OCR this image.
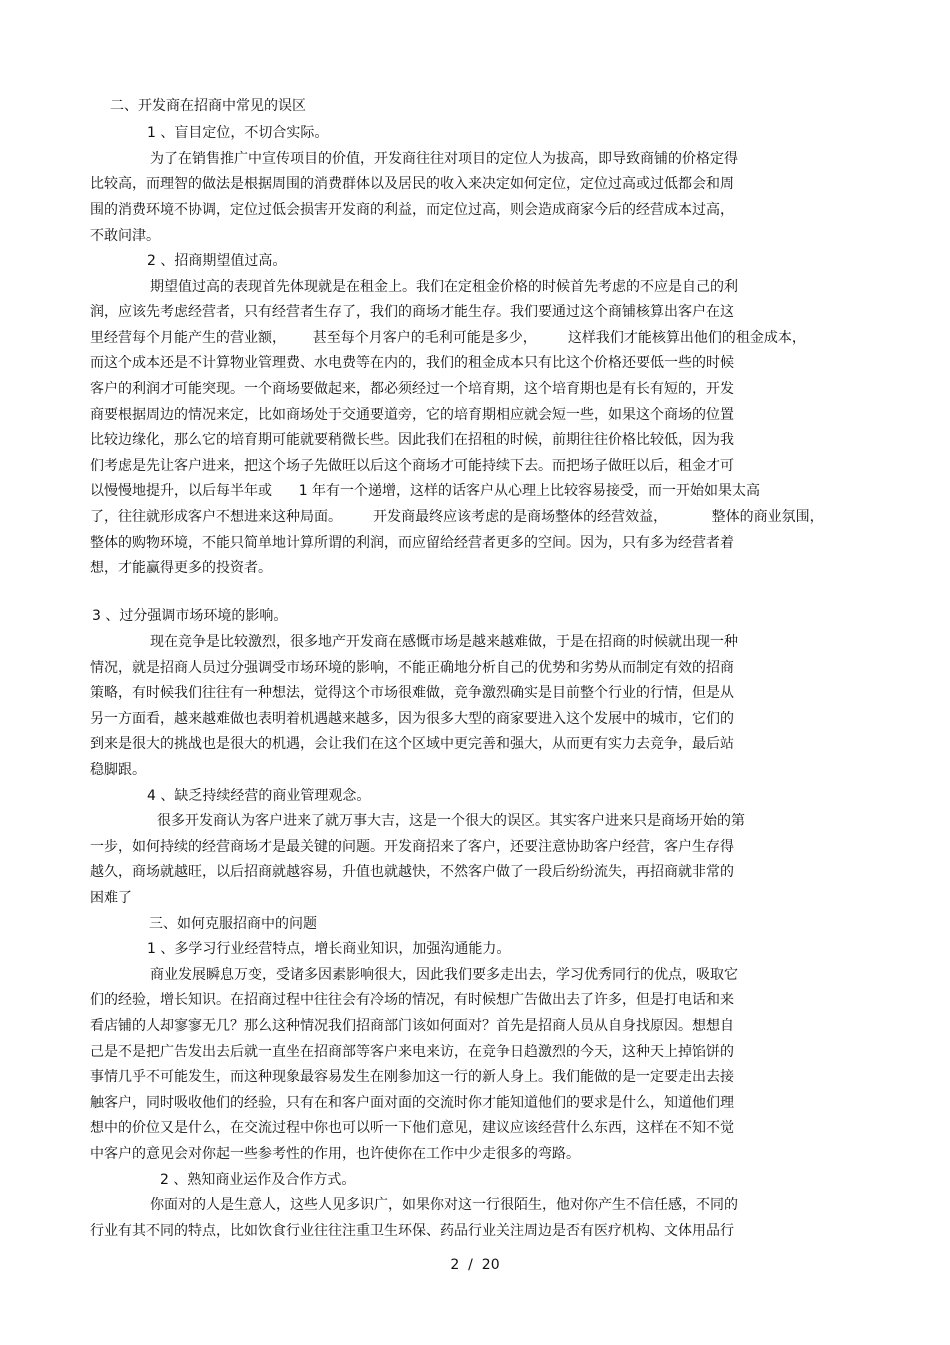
二、开发商在招商中常见的误区
1 、盲目定位，不切合实际。
为了在销售推广中宣传项目的价值，开发商往往对项目的定位人为拔高，即导致商铺的价格定得
比较高，而理智的做法是根据周围的消费群体以及居民的收入来决定如何定位，定位过高或过低都会和周
围的消费环境不协调，定位过低会损害开发商的利益，而定位过高，则会造成商家今后的经营成本过高，
不敢问津。
2 、招商期望值过高。
期望值过高的表现首先体现就是在租金上。我们在定租金价格的时候首先考虑的不应是自己的利
润，应该先考虑经营者，只有经营者生存了，我们的商场才能生存。我们要通过这个商铺核算出客户在这
里经营每个月能产生的营业额，      甚至每个月客户的毛利可能是多少，       这样我们才能核算出他们的租金成本，
而这个成本还是不计算物业管理费、水电费等在内的，我们的租金成本只有比这个价格还要低一些的时候
客户的利润才可能突现。一个商场要做起来，都必须经过一个培育期，这个培育期也是有长有短的，开发
商要根据周边的情况来定，比如商场处于交通要道旁，它的培育期相应就会短一些，如果这个商场的位置
比较边缘化，那么它的培育期可能就要稍微长些。因此我们在招租的时候，前期往往价格比较低，因为我
们考虑是先让客户进来，把这个场子先做旺以后这个商场才可能持续下去。而把场子做旺以后，租金才可
以慢慢地提升，以后每半年或      1 年有一个递增，这样的话客户从心理上比较容易接受，而一开始如果太高
了，往往就形成客户不想进来这种局面。       开发商最终应该考虑的是商场整体的经营效益，          整体的商业氛围，
整体的购物环境，不能只简单地计算所谓的利润，而应留给经营者更多的空间。因为，只有多为经营者着
想，才能赢得更多的投资者。
3 、过分强调市场环境的影响。
现在竞争是比较激烈，很多地产开发商在感慨市场是越来越难做，于是在招商的时候就出现一种
情况，就是招商人员过分强调受市场环境的影响，不能正确地分析自己的优势和劣势从而制定有效的招商
策略，有时候我们往往有一种想法，觉得这个市场很难做，竞争激烈确实是目前整个行业的行情，但是从
另一方面看，越来越难做也表明着机遇越来越多，因为很多大型的商家要进入这个发展中的城市，它们的
到来是很大的挑战也是很大的机遇，会让我们在这个区域中更完善和强大，从而更有实力去竞争，最后站
稳脚跟。
4 、缺乏持续经营的商业管理观念。
很多开发商认为客户进来了就万事大吉，这是一个很大的误区。其实客户进来只是商场开始的第
一步，如何持续的经营商场才是最关键的问题。开发商招来了客户，还要注意协助客户经营，客户生存得
越久，商场就越旺，以后招商就越容易，升值也就越快，不然客户做了一段后纷纷流失，再招商就非常的
困难了
三、如何克服招商中的问题
1 、多学习行业经营特点，增长商业知识，加强沟通能力。
商业发展瞬息万变，受诸多因素影响很大，因此我们要多走出去，学习优秀同行的优点，吸取它
们的经验，增长知识。在招商过程中往往会有冷场的情况，有时候想广告做出去了许多，但是打电话和来
看店铺的人却寥寥无几？那么这种情况我们招商部门该如何面对？首先是招商人员从自身找原因。想想自
己是不是把广告发出去后就一直坐在招商部等客户来电来访，在竞争日趋激烈的今天，这种天上掉馅饼的
事情几乎不可能发生，而这种现象最容易发生在刚参加这一行的新人身上。我们能做的是一定要走出去接
触客户，同时吸收他们的经验，只有在和客户面对面的交流时你才能知道他们的要求是什么，知道他们理
想中的价位又是什么，在交流过程中你也可以听一下他们意见，建议应该经营什么东西，这样在不知不觉
中客户的意见会对你起一些参考性的作用，也许使你在工作中少走很多的弯路。
2 、熟知商业运作及合作方式。
你面对的人是生意人，这些人见多识广，如果你对这一行很陌生，他对你产生不信任感，不同的
行业有其不同的特点，比如饮食行业往往注重卫生环保、药品行业关注周边是否有医疗机构、文体用品行
2  /  20
